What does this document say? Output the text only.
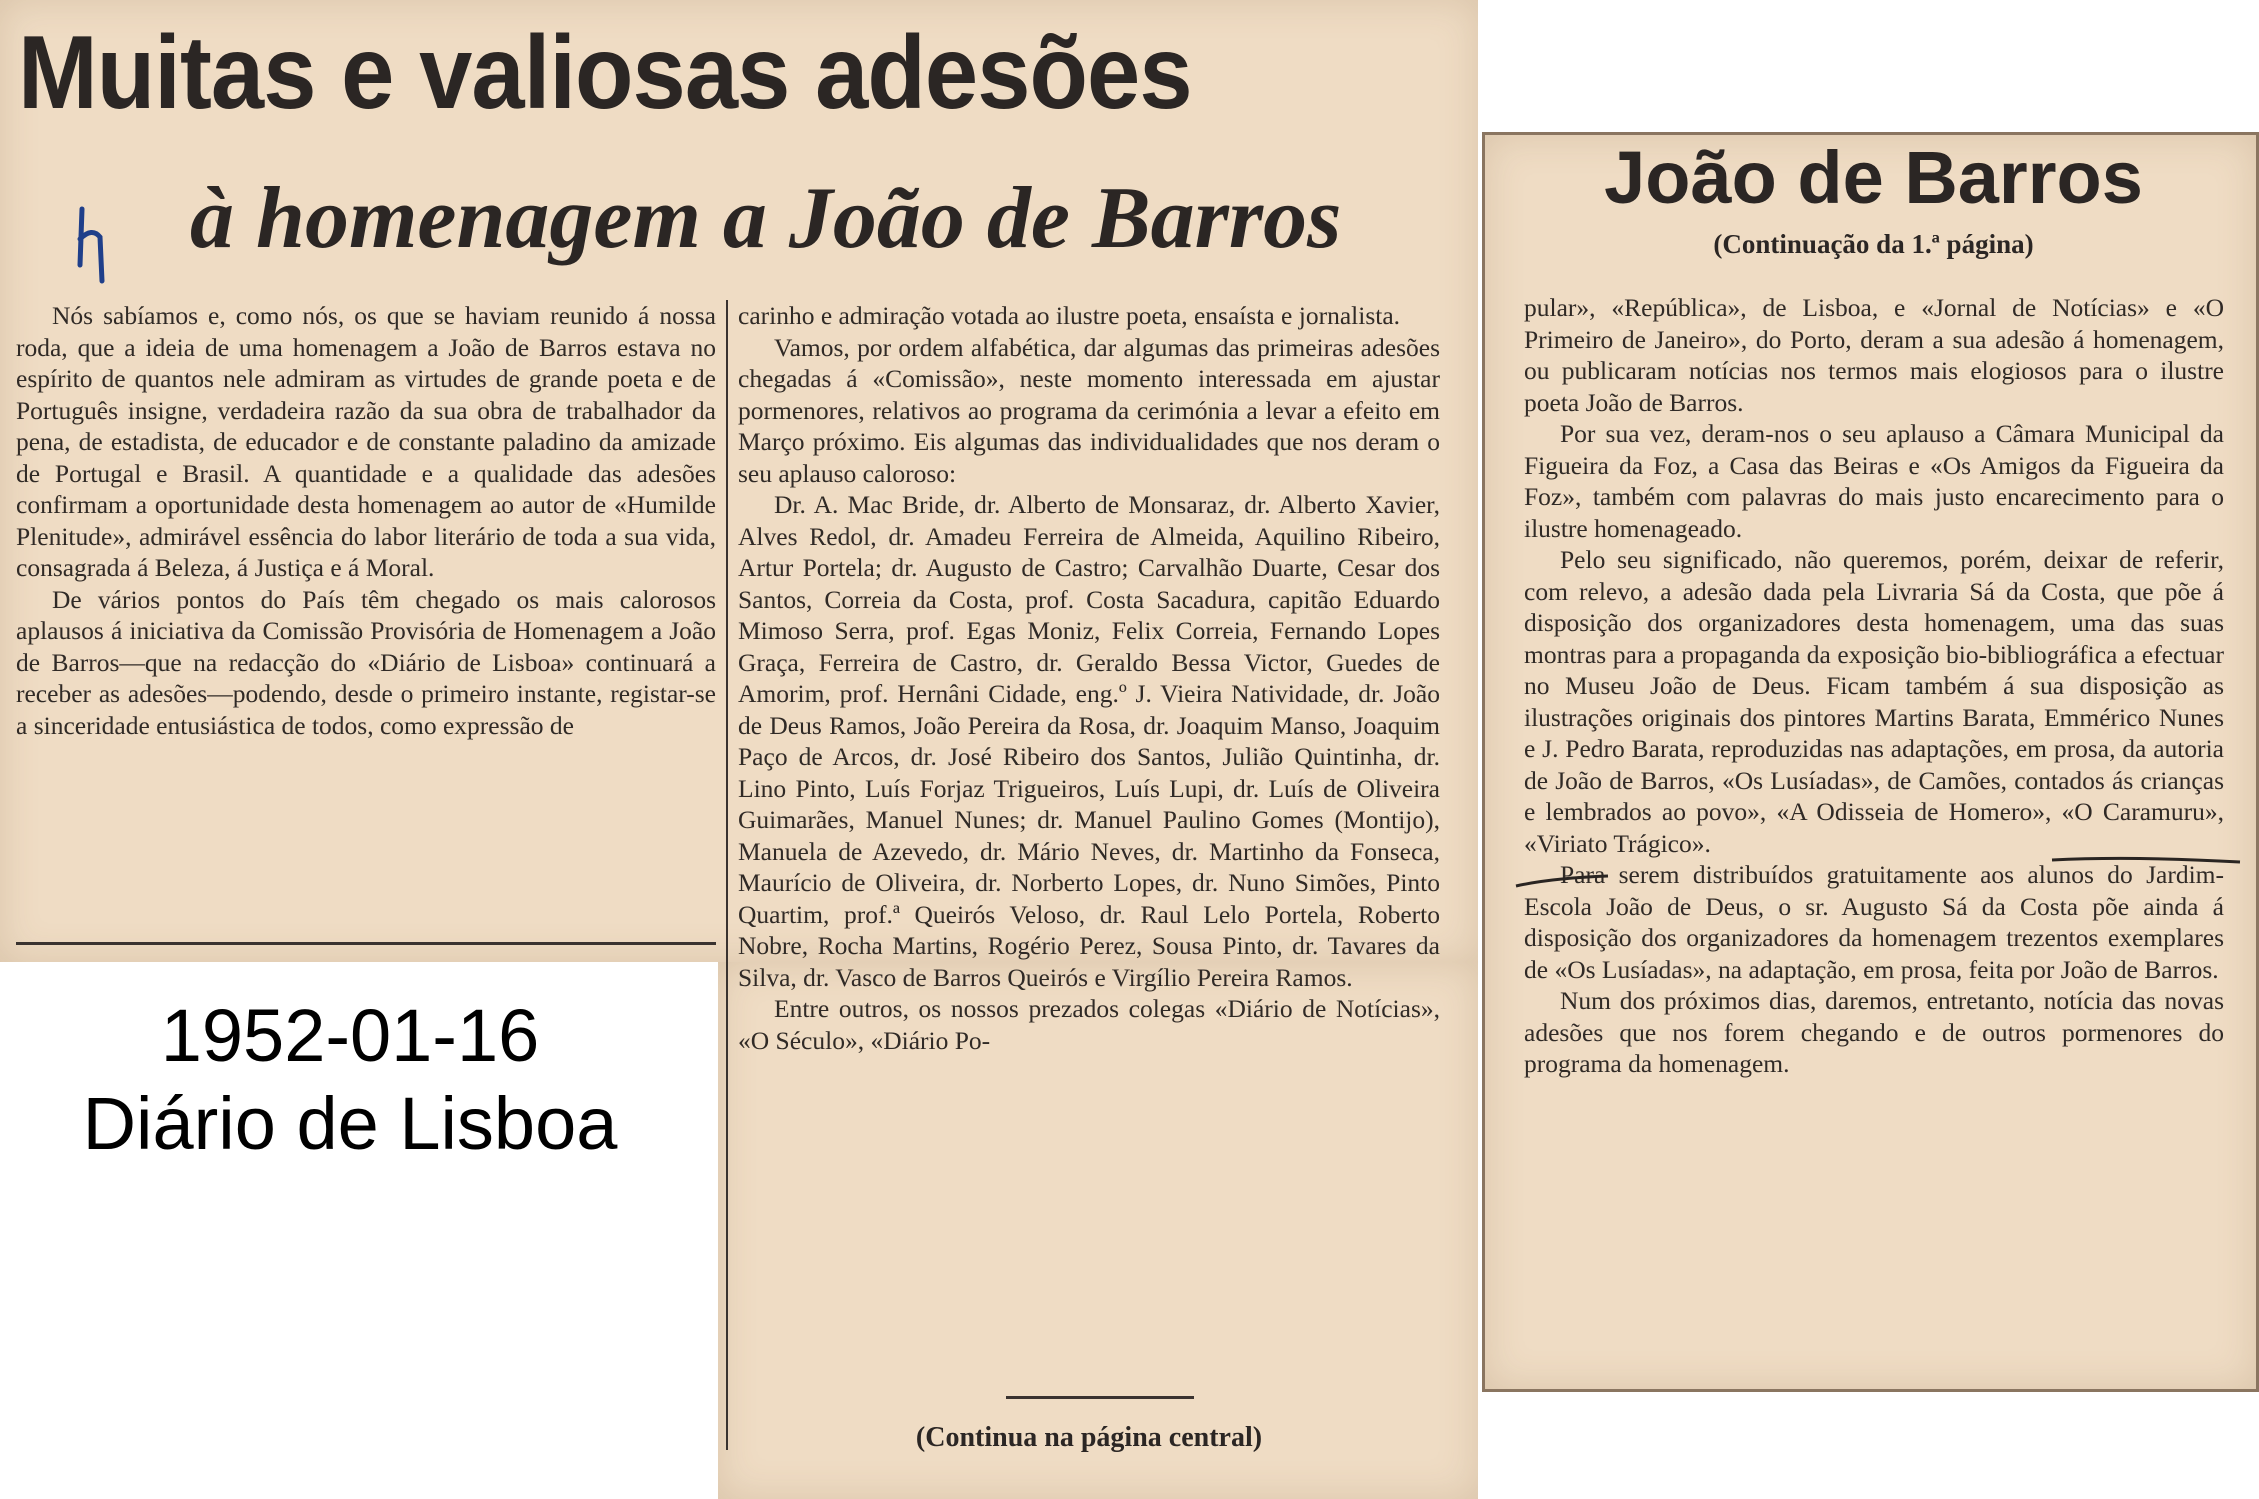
Muitas e valiosas adesões
à homenagem a João de Barros

Nós sabíamos e, como nós, os que se haviam reunido á nossa roda, que a ideia de uma homenagem a João de Barros estava no espírito de quantos nele admiram as virtudes de grande poeta e de Português insigne, verdadeira razão da sua obra de trabalhador da pena, de estadista, de educador e de constante paladino da amizade de Portugal e Brasil. A quantidade e a qualidade das adesões confirmam a oportunidade desta homenagem ao autor de «Humilde Plenitude», admirável essência do labor literário de toda a sua vida, consagrada á Beleza, á Justiça e á Moral.

De vários pontos do País têm chegado os mais calorosos aplausos á iniciativa da Comissão Provisória de Homenagem a João de Barros—que na redacção do «Diário de Lisboa» continuará a receber as adesões—podendo, desde o primeiro instante, registar-se a sinceridade entusiástica de todos, como expressão de

carinho e admiração votada ao ilustre poeta, ensaísta e jornalista.

Vamos, por ordem alfabética, dar algumas das primeiras adesões chegadas á «Comissão», neste momento interessada em ajustar pormenores, relativos ao programa da cerimónia a levar a efeito em Março próximo. Eis algumas das individualidades que nos deram o seu aplauso caloroso:

Dr. A. Mac Bride, dr. Alberto de Monsaraz, dr. Alberto Xavier, Alves Redol, dr. Amadeu Ferreira de Almeida, Aquilino Ribeiro, Artur Portela; dr. Augusto de Castro; Carvalhão Duarte, Cesar dos Santos, Correia da Costa, prof. Costa Sacadura, capitão Eduardo Mimoso Serra, prof. Egas Moniz, Felix Correia, Fernando Lopes Graça, Ferreira de Castro, dr. Geraldo Bessa Victor, Guedes de Amorim, prof. Hernâni Cidade, eng.º J. Vieira Natividade, dr. João de Deus Ramos, João Pereira da Rosa, dr. Joaquim Manso, Joaquim Paço de Arcos, dr. José Ribeiro dos Santos, Julião Quintinha, dr. Lino Pinto, Luís Forjaz Trigueiros, Luís Lupi, dr. Luís de Oliveira Guimarães, Manuel Nunes; dr. Manuel Paulino Gomes (Montijo), Manuela de Azevedo, dr. Mário Neves, dr. Martinho da Fonseca, Maurício de Oliveira, dr. Norberto Lopes, dr. Nuno Simões, Pinto Quartim, prof.ª Queirós Veloso, dr. Raul Lelo Portela, Roberto Nobre, Rocha Martins, Rogério Perez, Sousa Pinto, dr. Tavares da Silva, dr. Vasco de Barros Queirós e Virgílio Pereira Ramos.

Entre outros, os nossos prezados colegas «Diário de Notícias», «O Século», «Diário Po-

(Continua na página central)
1952-01-16
Diário de Lisboa
João de Barros
(Continuação da 1.ª página)

pular», «República», de Lisboa, e «Jornal de Notícias» e «O Primeiro de Janeiro», do Porto, deram a sua adesão á homenagem, ou publicaram notícias nos termos mais elogiosos para o ilustre poeta João de Barros.

Por sua vez, deram-nos o seu aplauso a Câmara Municipal da Figueira da Foz, a Casa das Beiras e «Os Amigos da Figueira da Foz», também com palavras do mais justo encarecimento para o ilustre homenageado.

Pelo seu significado, não queremos, porém, deixar de referir, com relevo, a adesão dada pela Livraria Sá da Costa, que põe á disposição dos organizadores desta homenagem, uma das suas montras para a propaganda da exposição bio-bibliográfica a efectuar no Museu João de Deus. Ficam também á sua disposição as ilustrações originais dos pintores Martins Barata, Emmérico Nunes e J. Pedro Barata, reproduzidas nas adaptações, em prosa, da autoria de João de Barros, «Os Lusíadas», de Camões, contados ás crianças e lembrados ao povo», «A Odisseia de Homero», «O Caramuru», «Viriato Trágico».

Para serem distribuídos gratuitamente aos alunos do Jardim-Escola João de Deus, o sr. Augusto Sá da Costa põe ainda á disposição dos organizadores da homenagem trezentos exemplares de «Os Lusíadas», na adaptação, em prosa, feita por João de Barros.

Num dos próximos dias, daremos, entretanto, notícia das novas adesões que nos forem chegando e de outros pormenores do programa da homenagem.
